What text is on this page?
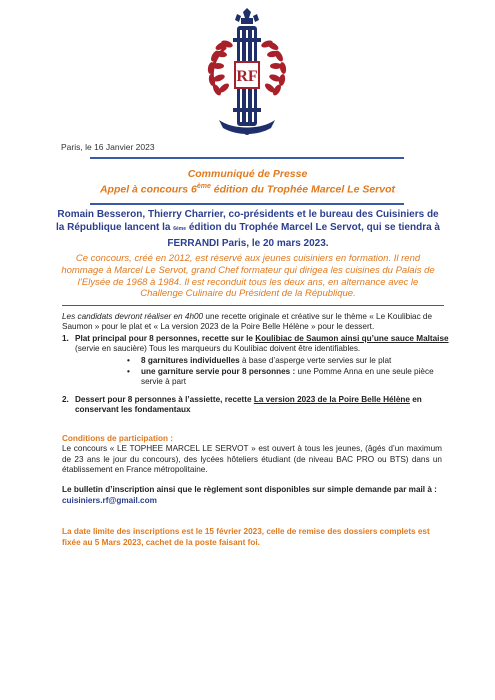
RF
Paris, le 16 Janvier 2023
Communiqué de Presse
Appel à concours 6ème édition du Trophée Marcel Le Servot
Romain Besseron, Thierry Charrier, co-présidents et le bureau des Cuisiniers de la République lancent la 6ème édition du Trophée Marcel Le Servot, qui se tiendra à FERRANDI Paris, le 20 mars 2023.
Ce concours, créé en 2012, est réservé aux jeunes cuisiniers en formation. Il rend hommage à Marcel Le Servot, grand Chef formateur qui dirigea les cuisines du Palais de l’Elysée de 1968 à 1984. Il est reconduit tous les deux ans, en alternance avec le Challenge Culinaire du Président de la République.
Les candidats devront réaliser en 4h00 une recette originale et créative sur le thème « Le Koulibiac de Saumon » pour le plat et « La version 2023 de la Poire Belle Hélène » pour le dessert.
1. Plat principal pour 8 personnes, recette sur le Koulibiac de Saumon ainsi qu’une sauce Maltaise (servie en saucière) Tous les marqueurs du Koulibiac doivent être identifiables.
• 8 garnitures individuelles à base d’asperge verte servies sur le plat
• une garniture servie pour 8 personnes : une Pomme Anna en une seule pièce servie à part
2. Dessert pour 8 personnes à l’assiette, recette La version 2023 de la Poire Belle Hélène en conservant les fondamentaux
Conditions de participation :
Le concours « LE TOPHEE MARCEL LE SERVOT » est ouvert à tous les jeunes, (âgés d’un maximum de 23 ans le jour du concours), des lycées hôteliers étudiant (de niveau BAC PRO ou BTS) dans un établissement en France métropolitaine.
Le bulletin d’inscription ainsi que le règlement sont disponibles sur simple demande par mail à : cuisiniers.rf@gmail.com
La date limite des inscriptions est le 15 février 2023, celle de remise des dossiers complets est fixée au 5 Mars 2023, cachet de la poste faisant foi.
